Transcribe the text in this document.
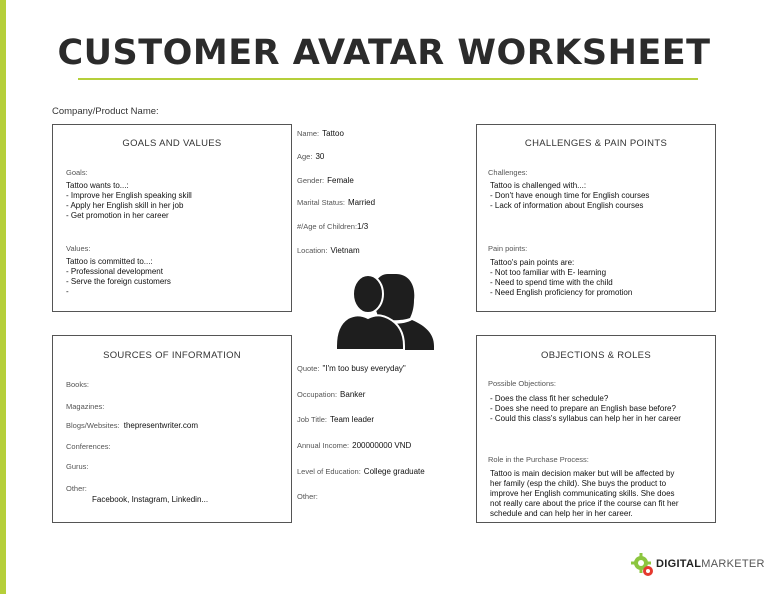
CUSTOMER AVATAR WORKSHEET
Company/Product Name:
GOALS AND VALUES
Goals:
Tattoo wants to...:
- Improve her English speaking skill
- Apply her English skill in her job
- Get promotion in her career
Values:
Tattoo is committed to...:
- Professional development
- Serve the foreign customers
-
CHALLENGES & PAIN POINTS
Challenges:
Tattoo is challenged with...:
- Don't have enough time for English courses
- Lack of information about English courses
Pain points:
Tattoo's pain points are:
- Not too familiar with E- learning
- Need to spend time with the child
- Need English proficiency for promotion
SOURCES OF INFORMATION
Books:
Magazines:
Blogs/Websites: thepresentwriter.com
Conferences:
Gurus:
Other:
Facebook, Instagram, Linkedin...
OBJECTIONS & ROLES
Possible Objections:
- Does the class fit her schedule?
- Does she need to prepare an English base before?
- Could this class's syllabus can help her in her career
Role in the Purchase Process:
Tattoo is main decision maker but will be affected by
her family (esp the child). She buys the product to
improve her English communicating skills. She does
not really care about the price if the course can fit her
schedule and can help her in her career.
Name: Tattoo
Age: 30
Gender: Female
Marital Status: Married
#/Age of Children:1/3
Location: Vietnam
Quote: "I'm too busy everyday"
Occupation: Banker
Job Title: Team leader
Annual Income: 200000000 VND
Level of Education: College graduate
Other:
DIGITALMARKETER
